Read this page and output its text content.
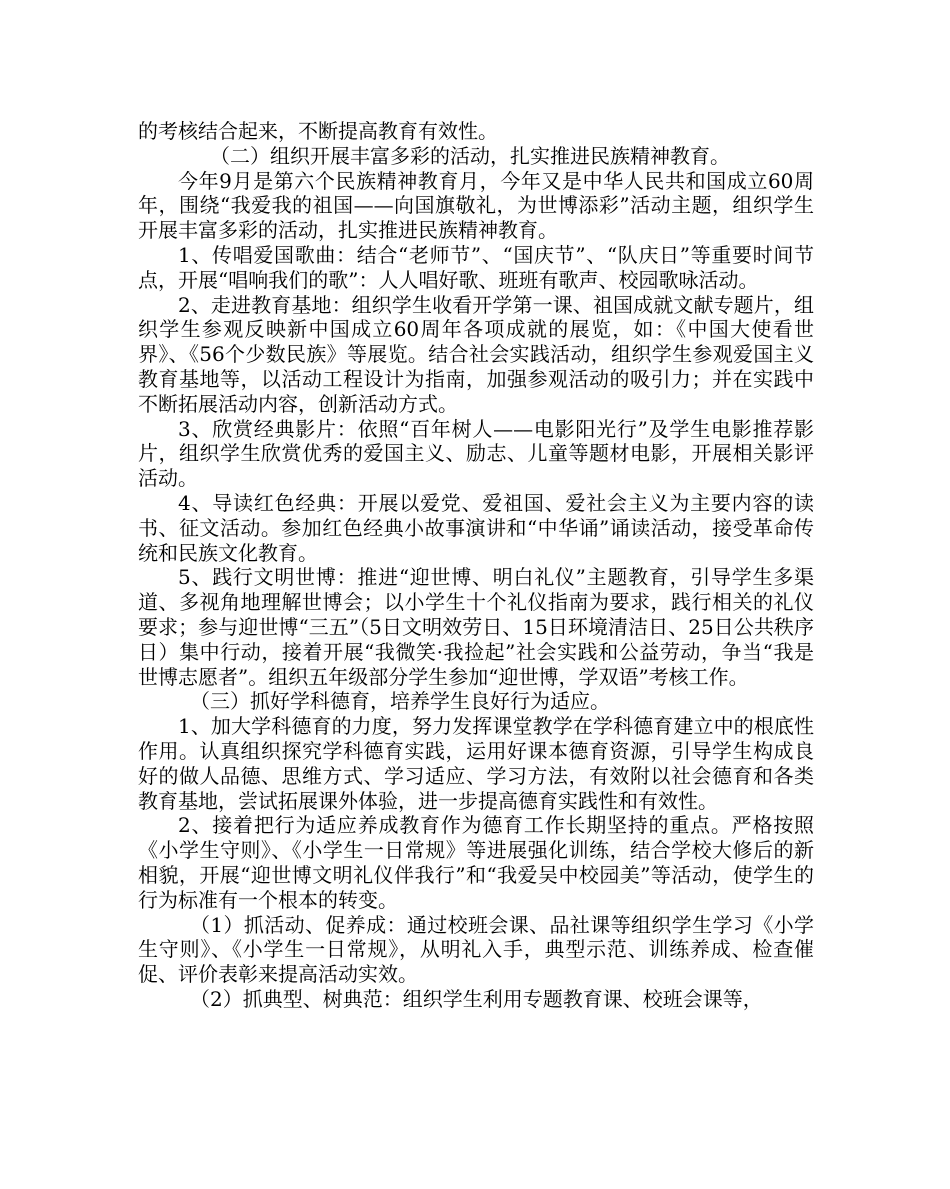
的考核结合起来，不断提高教育有效性。

（二）组织开展丰富多彩的活动，扎实推进民族精神教育。

今年9月是第六个民族精神教育月，今年又是中华人民共和国成立60周年，围绕“我爱我的祖国——向国旗敬礼，为世博添彩”活动主题，组织学生开展丰富多彩的活动，扎实推进民族精神教育。

1、传唱爱国歌曲：结合“老师节”、“国庆节”、“队庆日”等重要时间节点，开展“唱响我们的歌”：人人唱好歌、班班有歌声、校园歌咏活动。

2、走进教育基地：组织学生收看开学第一课、祖国成就文献专题片，组织学生参观反映新中国成立60周年各项成就的展览，如：《中国大使看世界》、《56个少数民族》等展览。结合社会实践活动，组织学生参观爱国主义教育基地等，以活动工程设计为指南，加强参观活动的吸引力；并在实践中不断拓展活动内容，创新活动方式。

3、欣赏经典影片：依照“百年树人——电影阳光行”及学生电影推荐影片，组织学生欣赏优秀的爱国主义、励志、儿童等题材电影，开展相关影评活动。

4、导读红色经典：开展以爱党、爱祖国、爱社会主义为主要内容的读书、征文活动。参加红色经典小故事演讲和“中华诵”诵读活动，接受革命传统和民族文化教育。

5、践行文明世博：推进“迎世博、明白礼仪”主题教育，引导学生多渠道、多视角地理解世博会；以小学生十个礼仪指南为要求，践行相关的礼仪要求；参与迎世博“三五”（5日文明效劳日、15日环境清洁日、25日公共秩序日）集中行动，接着开展“我微笑·我捡起”社会实践和公益劳动，争当“我是世博志愿者”。组织五年级部分学生参加“迎世博，学双语”考核工作。

（三）抓好学科德育，培养学生良好行为适应。

1、加大学科德育的力度，努力发挥课堂教学在学科德育建立中的根底性作用。认真组织探究学科德育实践，运用好课本德育资源，引导学生构成良好的做人品德、思维方式、学习适应、学习方法，有效附以社会德育和各类教育基地，尝试拓展课外体验，进一步提高德育实践性和有效性。

2、接着把行为适应养成教育作为德育工作长期坚持的重点。严格按照《小学生守则》、《小学生一日常规》等进展强化训练，结合学校大修后的新相貌，开展“迎世博文明礼仪伴我行”和“我爱吴中校园美”等活动，使学生的行为标准有一个根本的转变。

（1）抓活动、促养成：通过校班会课、品社课等组织学生学习《小学生守则》、《小学生一日常规》，从明礼入手，典型示范、训练养成、检查催促、评价表彰来提高活动实效。

（2）抓典型、树典范：组织学生利用专题教育课、校班会课等，
